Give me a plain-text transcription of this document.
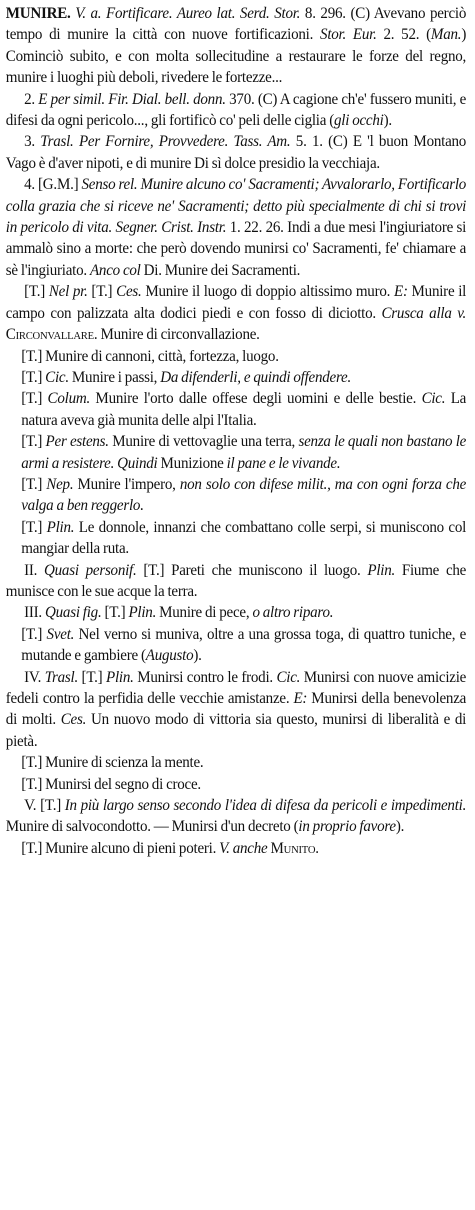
MUNIRE. V. a. Fortificare. Aureo lat. Serd. Stor. 8. 296. (C) Avevano perciò tempo di munire la città con nuove fortificazioni. Stor. Eur. 2. 52. (Man.) Cominciò subito, e con molta sollecitudine a restaurare le forze del regno, munire i luoghi più deboli, rivedere le fortezze...

2. E per simil. Fir. Dial. bell. donn. 370. (C) A cagione ch'e' fussero muniti, e difesi da ogni pericolo..., gli fortificò co' peli delle ciglia (gli occhi).

3. Trasl. Per Fornire, Provvedere. Tass. Am. 5. 1. (C) E 'l buon Montano Vago è d'aver nipoti, e di munire Di sì dolce presidio la vecchiaja.

4. [G.M.] Senso rel. Munire alcuno co' Sacramenti; Avvalorarlo, Fortificarlo colla grazia che si riceve ne' Sacramenti; detto più specialmente di chi si trovi in pericolo di vita. Segner. Crist. Instr. 1. 22. 26. Indi a due mesi l'ingiuriatore si ammalò sino a morte: che però dovendo munirsi co' Sacramenti, fe' chiamare a sè l'ingiuriato. Anco col Di. Munire dei Sacramenti.

[T.] Nel pr. [T.] Ces. Munire il luogo di doppio altissimo muro. E: Munire il campo con palizzata alta dodici piedi e con fosso di diciotto. Crusca alla v. Circonvallare. Munire di circonvallazione.

[T.] Munire di cannoni, città, fortezza, luogo.

[T.] Cic. Munire i passi, Da difenderli, e quindi offendere.

[T.] Colum. Munire l'orto dalle offese degli uomini e delle bestie. Cic. La natura aveva già munita delle alpi l'Italia.

[T.] Per estens. Munire di vettovaglie una terra, senza le quali non bastano le armi a resistere. Quindi Munizione il pane e le vivande.

[T.] Nep. Munire l'impero, non solo con difese milit., ma con ogni forza che valga a ben reggerlo.

[T.] Plin. Le donnole, innanzi che combattano colle serpi, si muniscono col mangiar della ruta.

II. Quasi personif. [T.] Pareti che muniscono il luogo. Plin. Fiume che munisce con le sue acque la terra.

III. Quasi fig. [T.] Plin. Munire di pece, o altro riparo.

[T.] Svet. Nel verno si muniva, oltre a una grossa toga, di quattro tuniche, e mutande e gambiere (Augusto).

IV. Trasl. [T.] Plin. Munirsi contro le frodi. Cic. Munirsi con nuove amicizie fedeli contro la perfidia delle vecchie amistanze. E: Munirsi della benevolenza di molti. Ces. Un nuovo modo di vittoria sia questo, munirsi di liberalità e di pietà.

[T.] Munire di scienza la mente.

[T.] Munirsi del segno di croce.

V. [T.] In più largo senso secondo l'idea di difesa da pericoli e impedimenti. Munire di salvocondotto. — Munirsi d'un decreto (in proprio favore).

[T.] Munire alcuno di pieni poteri. V. anche Munito.
